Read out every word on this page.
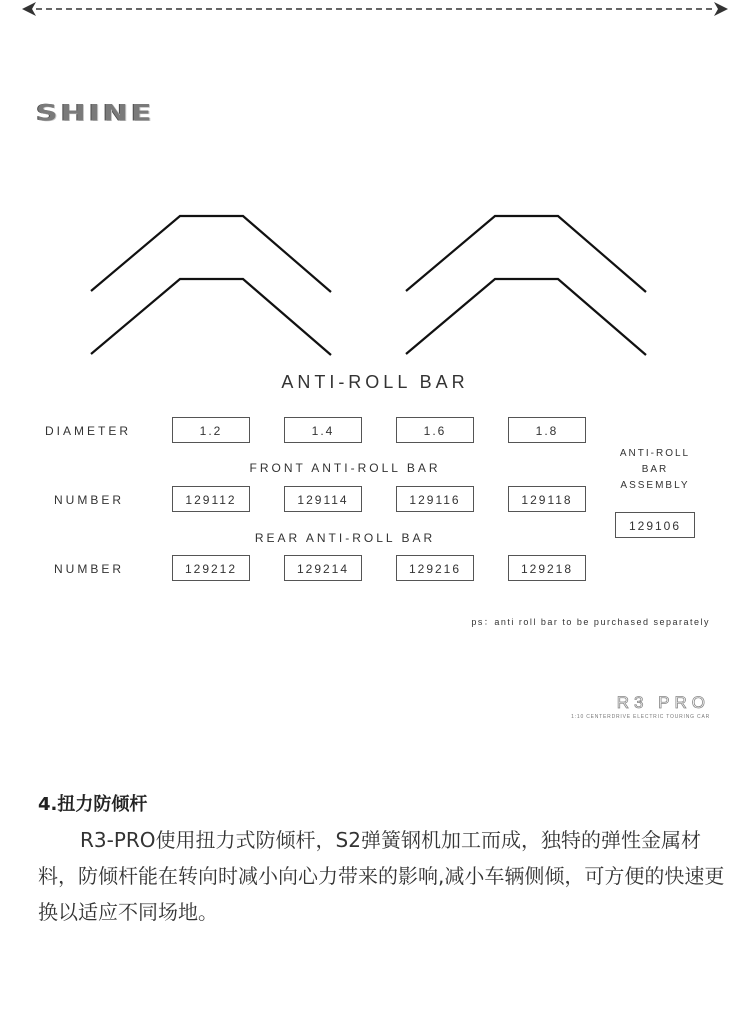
SHINE
ANTI-ROLL BAR
DIAMETER	1.2	1.4	1.6	1.8
FRONT ANTI-ROLL BAR
NUMBER	129112	129114	129116	129118
REAR ANTI-ROLL BAR
NUMBER	129212	129214	129216	129218
ANTI-ROLL
BAR
ASSEMBLY
129106
ps：anti roll bar to be purchased separately
R3 PRO
1:10 CENTERDRIVE ELECTRIC TOURING CAR
4.扭力防倾杆
R3-PRO使用扭力式防倾杆，S2弹簧钢机加工而成，独特的弹性金属材料，防倾杆能在转向时减小向心力带来的影响,减小车辆侧倾，可方便的快速更换以适应不同场地。
